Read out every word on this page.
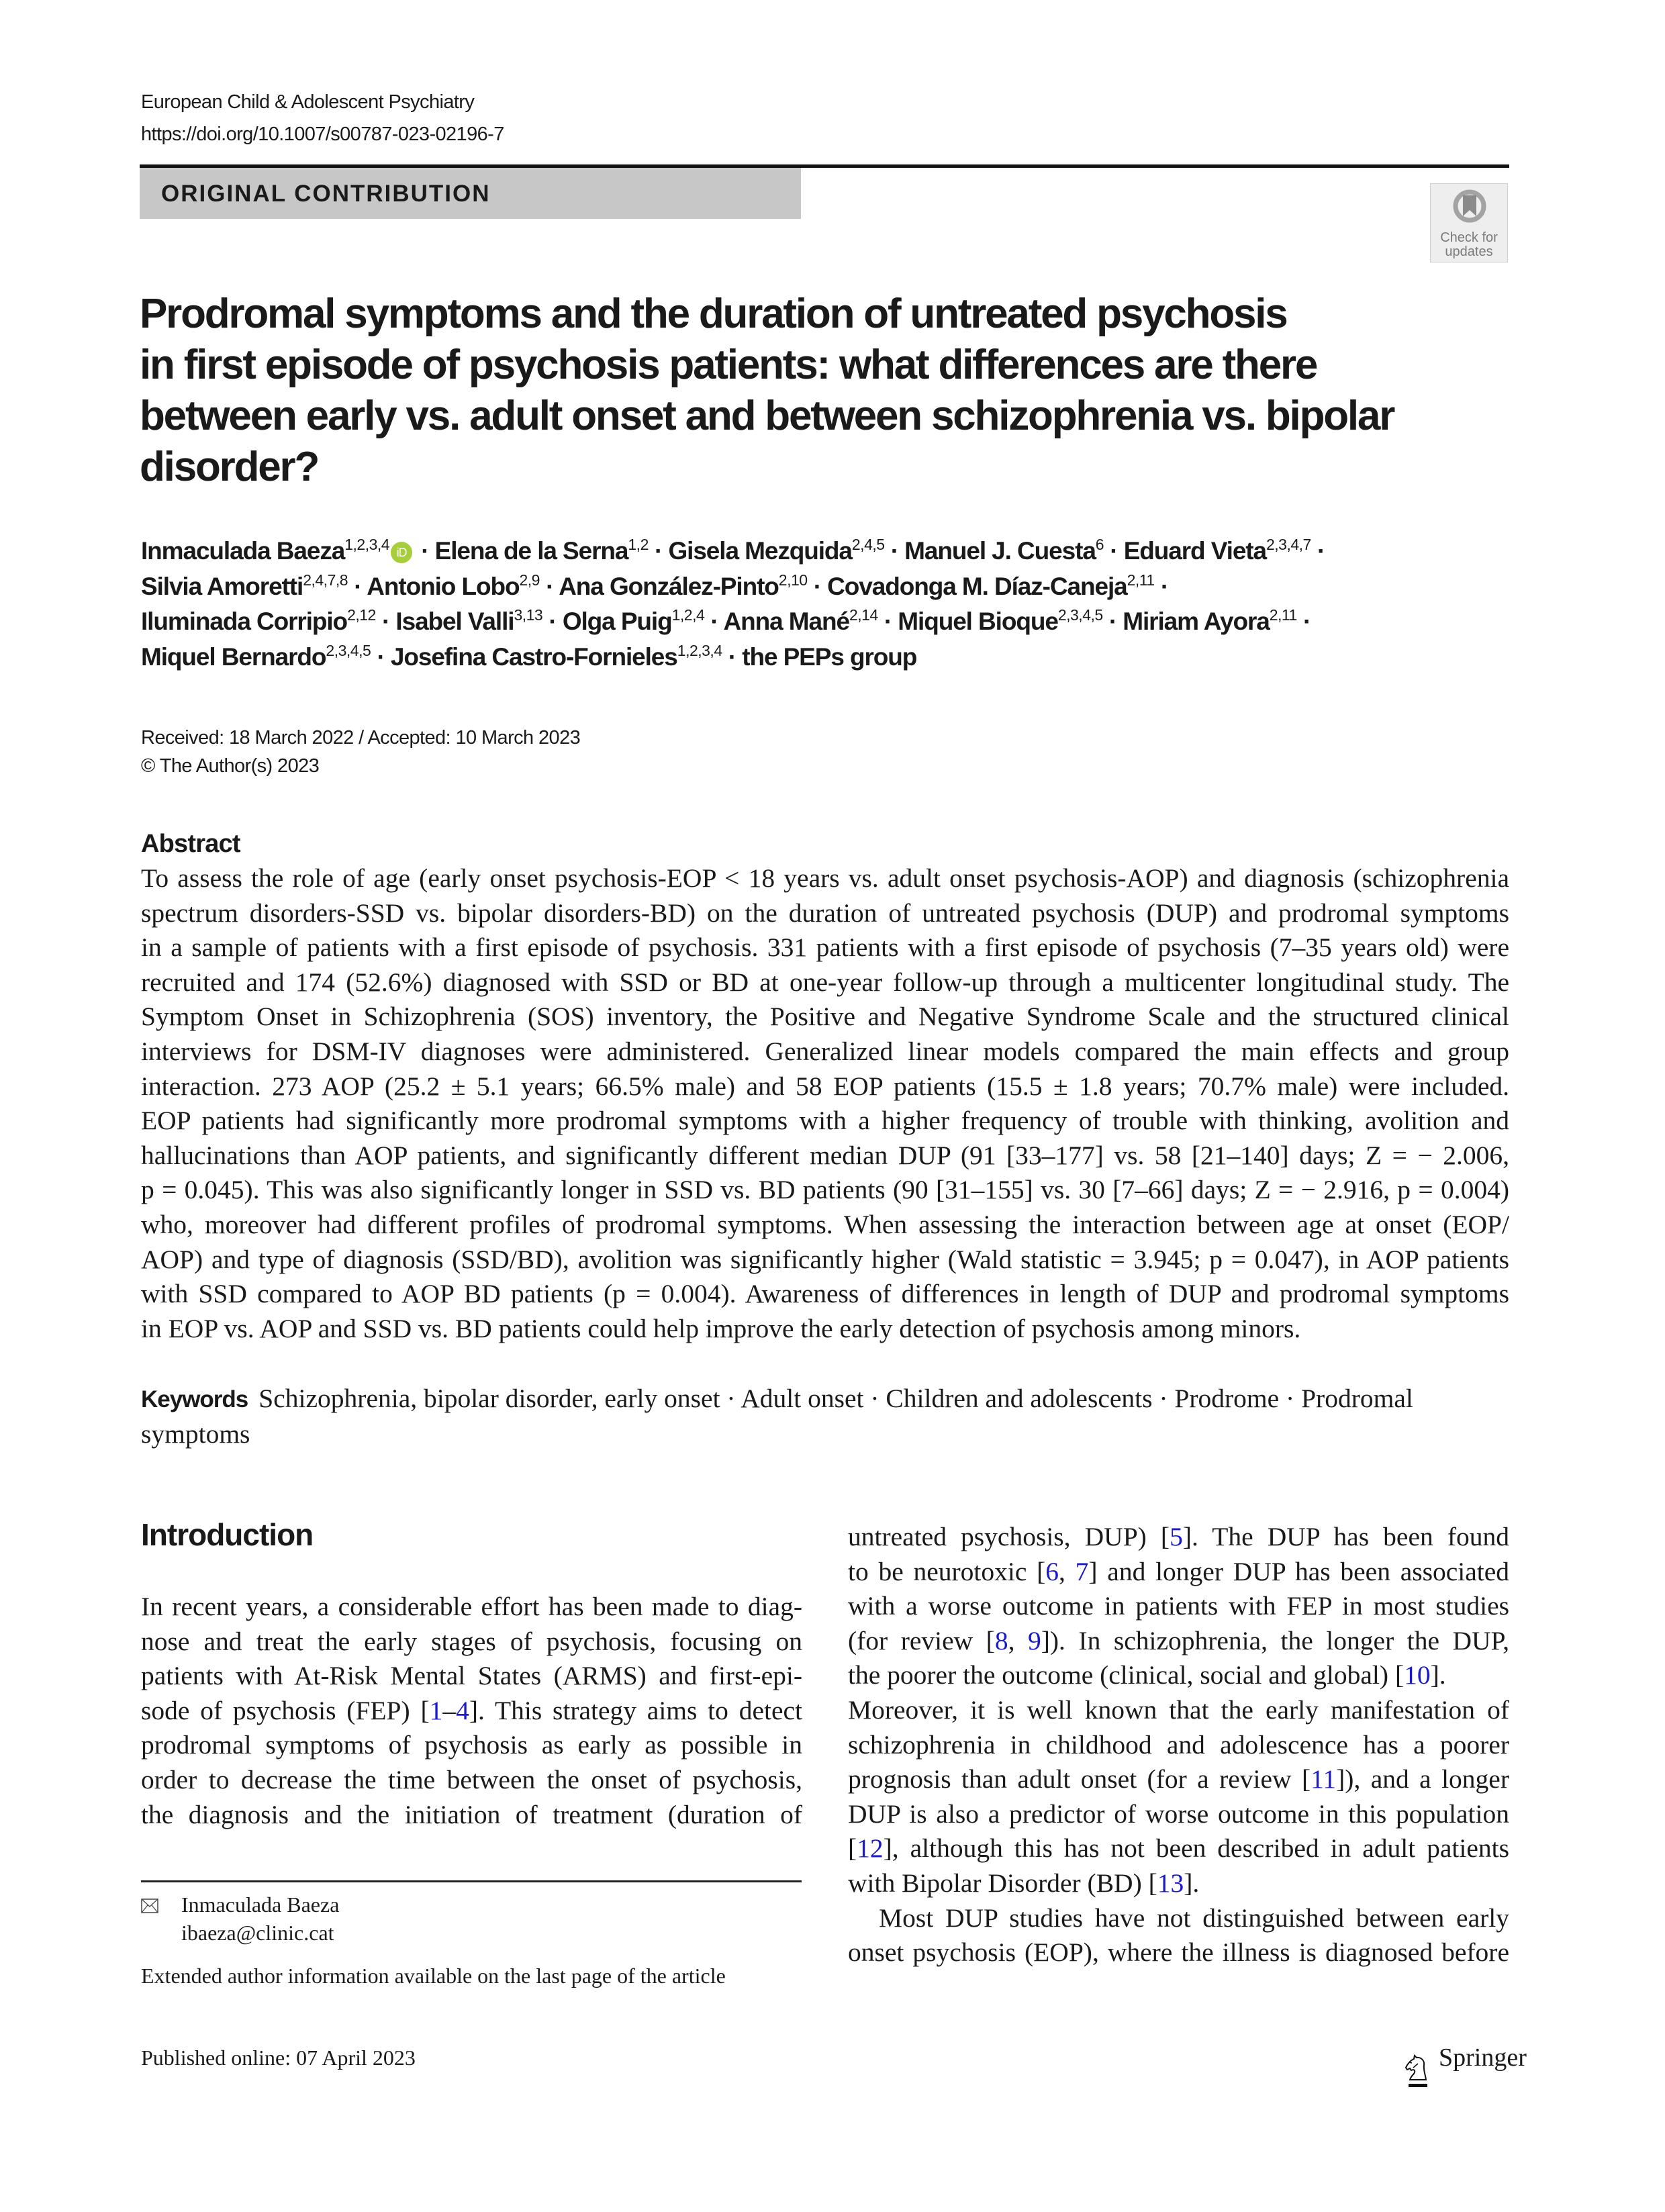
European Child & Adolescent Psychiatry
https://doi.org/10.1007/s00787-023-02196-7
ORIGINAL CONTRIBUTION
Check for
updates
Prodromal symptoms and the duration of untreated psychosis
in first episode of psychosis patients: what differences are there
between early vs. adult onset and between schizophrenia vs. bipolar
disorder?
Inmaculada Baeza$^{1,2,3,4}$ iD · Elena de la Serna$^{1,2}$ · Gisela Mezquida$^{2,4,5}$ · Manuel J. Cuesta$^6$ · Eduard Vieta$^{2,3,4,7}$ ·
Silvia Amoretti$^{2,4,7,8}$ · Antonio Lobo$^{2,9}$ · Ana González-Pinto$^{2,10}$ · Covadonga M. Díaz-Caneja$^{2,11}$ ·
Iluminada Corripio$^{2,12}$ · Isabel Valli$^{3,13}$ · Olga Puig$^{1,2,4}$ · Anna Mané$^{2,14}$ · Miquel Bioque$^{2,3,4,5}$ · Miriam Ayora$^{2,11}$ ·
Miquel Bernardo$^{2,3,4,5}$ · Josefina Castro-Fornieles$^{1,2,3,4}$ · the PEPs group
Received: 18 March 2022 / Accepted: 10 March 2023
© The Author(s) 2023
Abstract
To assess the role of age (early onset psychosis-EOP < 18 years vs. adult onset psychosis-AOP) and diagnosis (schizophrenia
spectrum disorders-SSD vs. bipolar disorders-BD) on the duration of untreated psychosis (DUP) and prodromal symptoms
in a sample of patients with a first episode of psychosis. 331 patients with a first episode of psychosis (7–35 years old) were
recruited and 174 (52.6%) diagnosed with SSD or BD at one-year follow-up through a multicenter longitudinal study. The
Symptom Onset in Schizophrenia (SOS) inventory, the Positive and Negative Syndrome Scale and the structured clinical
interviews for DSM-IV diagnoses were administered. Generalized linear models compared the main effects and group
interaction. 273 AOP (25.2 ± 5.1 years; 66.5% male) and 58 EOP patients (15.5 ± 1.8 years; 70.7% male) were included.
EOP patients had significantly more prodromal symptoms with a higher frequency of trouble with thinking, avolition and
hallucinations than AOP patients, and significantly different median DUP (91 [33–177] vs. 58 [21–140] days; Z = − 2.006,
p = 0.045). This was also significantly longer in SSD vs. BD patients (90 [31–155] vs. 30 [7–66] days; Z = − 2.916, p = 0.004)
who, moreover had different profiles of prodromal symptoms. When assessing the interaction between age at onset (EOP/
AOP) and type of diagnosis (SSD/BD), avolition was significantly higher (Wald statistic = 3.945; p = 0.047), in AOP patients
with SSD compared to AOP BD patients (p = 0.004). Awareness of differences in length of DUP and prodromal symptoms
in EOP vs. AOP and SSD vs. BD patients could help improve the early detection of psychosis among minors.
Keywords Schizophrenia, bipolar disorder, early onset · Adult onset · Children and adolescents · Prodrome · Prodromal
symptoms
Introduction
In recent years, a considerable effort has been made to diag-
nose and treat the early stages of psychosis, focusing on
patients with At-Risk Mental States (ARMS) and first-epi-
sode of psychosis (FEP) [1–4]. This strategy aims to detect
prodromal symptoms of psychosis as early as possible in
order to decrease the time between the onset of psychosis,
the diagnosis and the initiation of treatment (duration of
untreated psychosis, DUP) [5]. The DUP has been found
to be neurotoxic [6, 7] and longer DUP has been associated
with a worse outcome in patients with FEP in most studies
(for review [8, 9]). In schizophrenia, the longer the DUP,
the poorer the outcome (clinical, social and global) [10].
Moreover, it is well known that the early manifestation of
schizophrenia in childhood and adolescence has a poorer
prognosis than adult onset (for a review [11]), and a longer
DUP is also a predictor of worse outcome in this population
[12], although this has not been described in adult patients
with Bipolar Disorder (BD) [13].
Most DUP studies have not distinguished between early
onset psychosis (EOP), where the illness is diagnosed before
Inmaculada Baeza
ibaeza@clinic.cat
Extended author information available on the last page of the article
Published online: 07 April 2023	Springer
